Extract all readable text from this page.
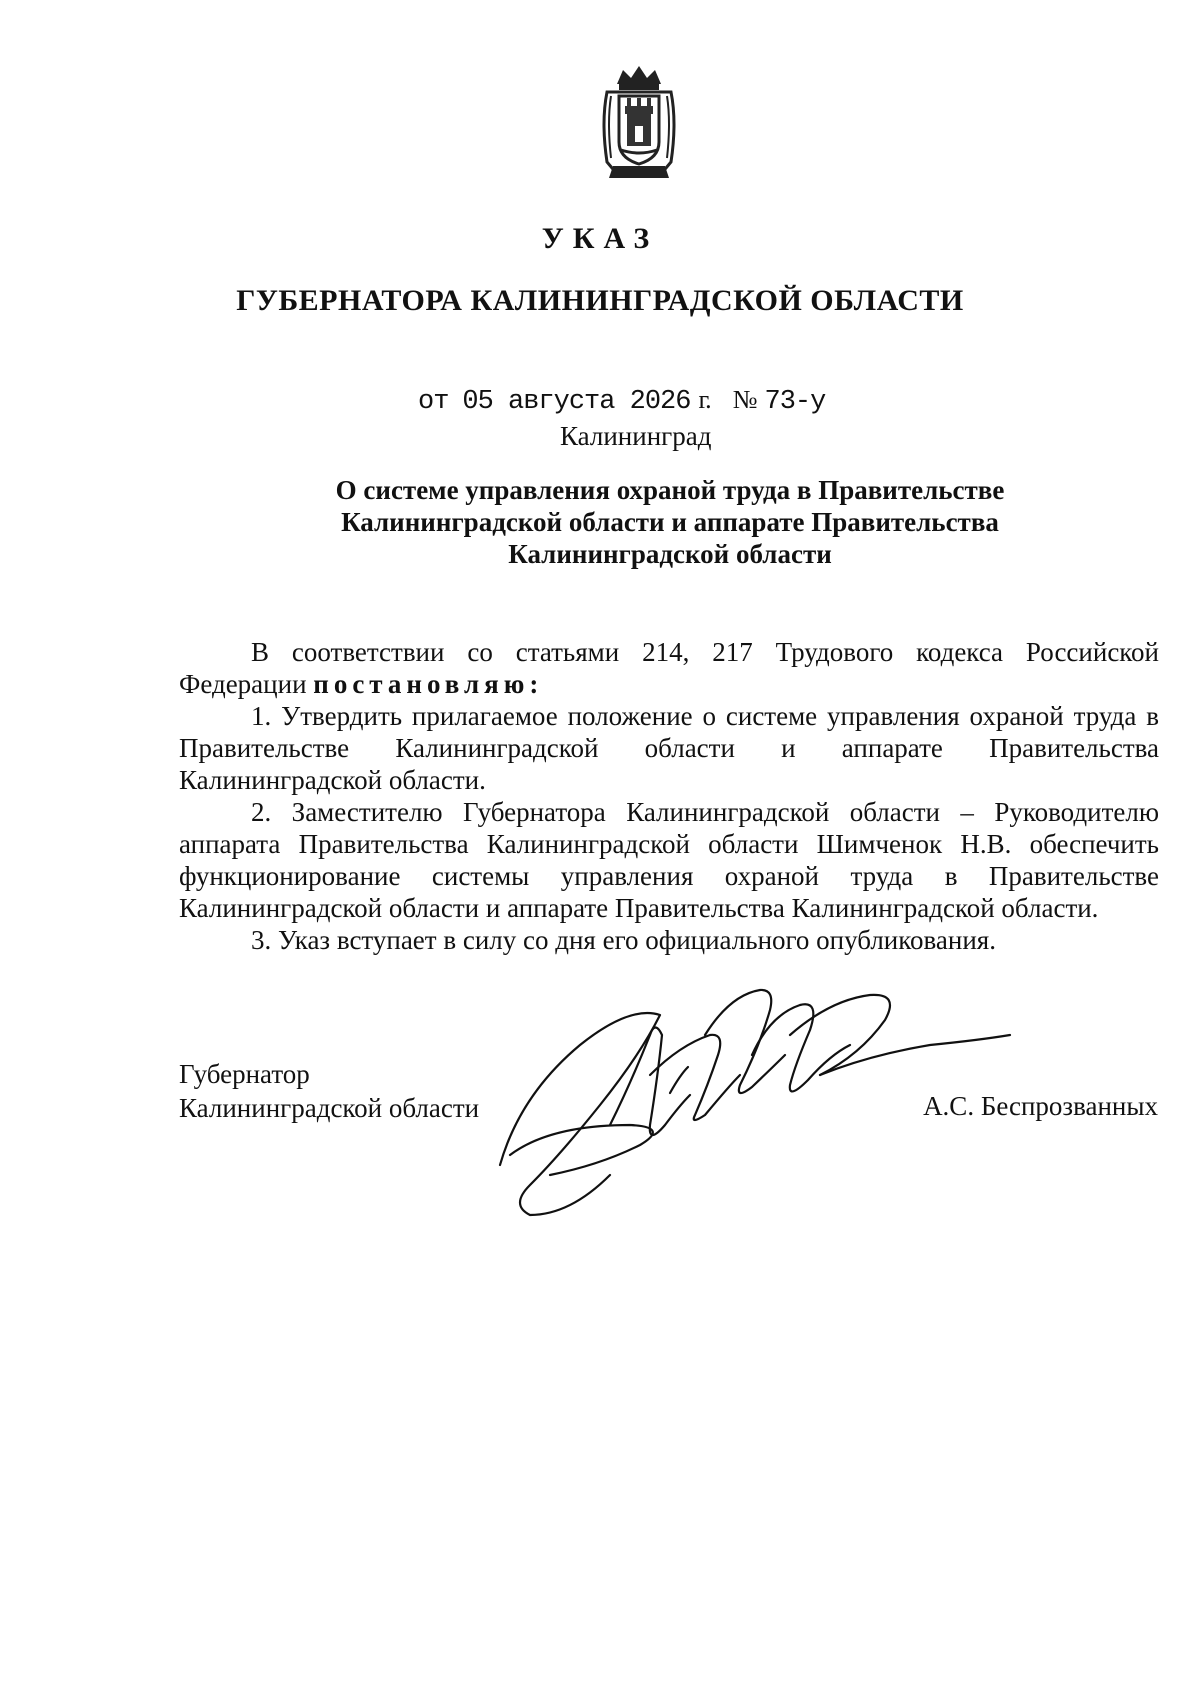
УКАЗ
ГУБЕРНАТОРА КАЛИНИНГРАДСКОЙ ОБЛАСТИ
от 05 августа 2026 г. № 73-у
Калининград
О системе управления охраной труда в Правительстве
Калининградской области и аппарате Правительства
Калининградской области

В соответствии со статьями 214, 217 Трудового кодекса Российской Федерации постановляю:

1. Утвердить прилагаемое положение о системе управления охраной труда в Правительстве Калининградской области и аппарате Правительства Калининградской области.

2. Заместителю Губернатора Калининградской области – Руководителю аппарата Правительства Калининградской области Шимченок Н.В. обеспечить функционирование системы управления охраной труда в Правительстве Калининградской области и аппарате Правительства Калининградской области.

3. Указ вступает в силу со дня его официального опубликования.

Губернатор
Калининградской области	А.С. Беспрозванных
